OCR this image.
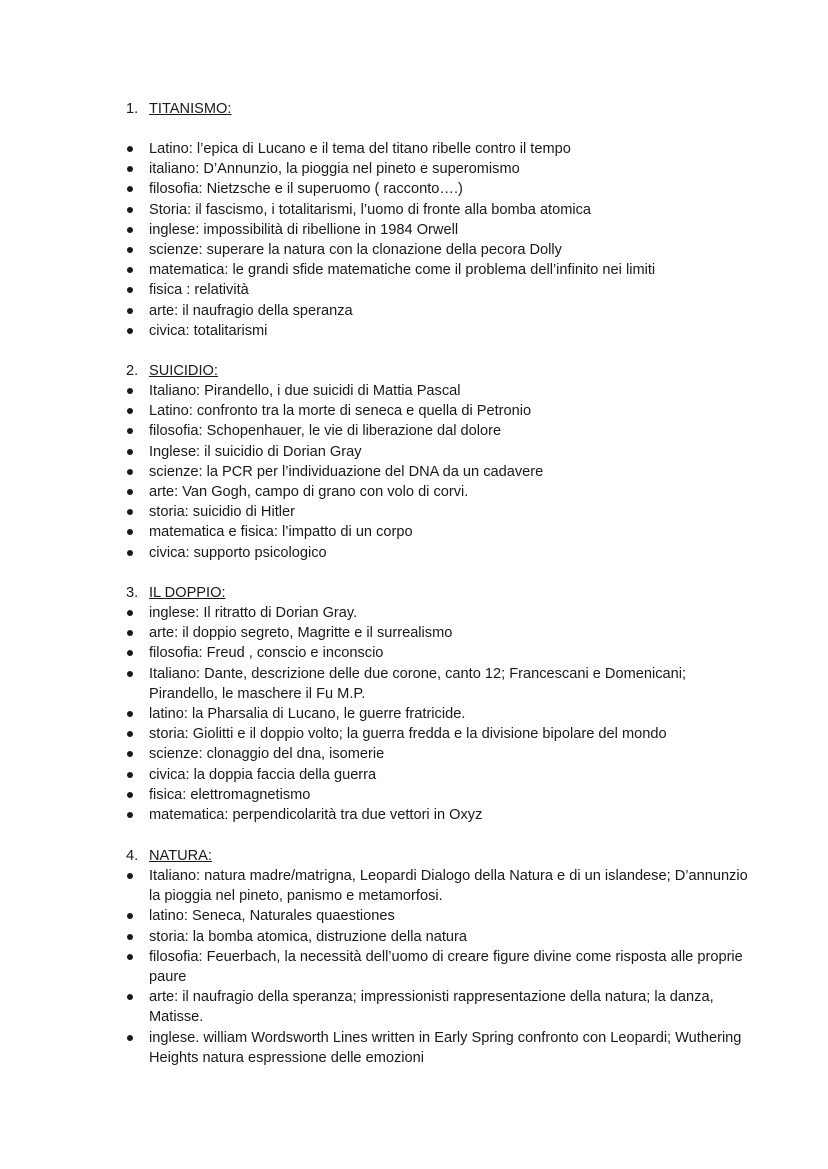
1. TITANISMO:
Latino: l’epica di Lucano e il tema del titano ribelle contro il tempo
italiano: D’Annunzio, la pioggia nel pineto e superomismo
filosofia: Nietzsche e il superuomo ( racconto….)
Storia: il fascismo, i totalitarismi, l’uomo di fronte alla bomba atomica
inglese: impossibilità di ribellione in 1984 Orwell
scienze: superare la natura con la clonazione della pecora Dolly
matematica: le grandi sfide matematiche come il problema dell’infinito nei limiti
fisica : relatività
arte: il naufragio della speranza
civica: totalitarismi
2. SUICIDIO:
Italiano: Pirandello, i due suicidi di Mattia Pascal
Latino: confronto tra la morte di seneca e quella di Petronio
filosofia: Schopenhauer, le vie di liberazione dal dolore
Inglese: il suicidio di Dorian Gray
scienze: la PCR per l’individuazione del DNA da un cadavere
arte: Van Gogh, campo di grano con volo di corvi.
storia: suicidio di Hitler
matematica e fisica: l’impatto di un corpo
civica: supporto psicologico
3. IL DOPPIO:
inglese: Il ritratto di Dorian Gray.
arte: il doppio segreto, Magritte e il surrealismo
filosofia: Freud , conscio e inconscio
Italiano: Dante, descrizione delle due corone, canto 12; Francescani e Domenicani; Pirandello, le maschere il Fu M.P.
latino: la Pharsalia di Lucano, le guerre fratricide.
storia: Giolitti e il doppio volto; la guerra fredda e la divisione bipolare del mondo
scienze: clonaggio del dna, isomerie
civica: la doppia faccia della guerra
fisica: elettromagnetismo
matematica: perpendicolarità tra due vettori in Oxyz
4. NATURA:
Italiano: natura madre/matrigna, Leopardi Dialogo della Natura e di un islandese; D’annunzio la pioggia nel pineto, panismo e metamorfosi.
latino: Seneca, Naturales quaestiones
storia: la bomba atomica, distruzione della natura
filosofia: Feuerbach, la necessità dell’uomo di creare figure divine come risposta alle proprie paure
arte: il naufragio della speranza; impressionisti rappresentazione della natura; la danza, Matisse.
inglese. william Wordsworth Lines written in Early Spring confronto con Leopardi; Wuthering Heights natura espressione delle emozioni
